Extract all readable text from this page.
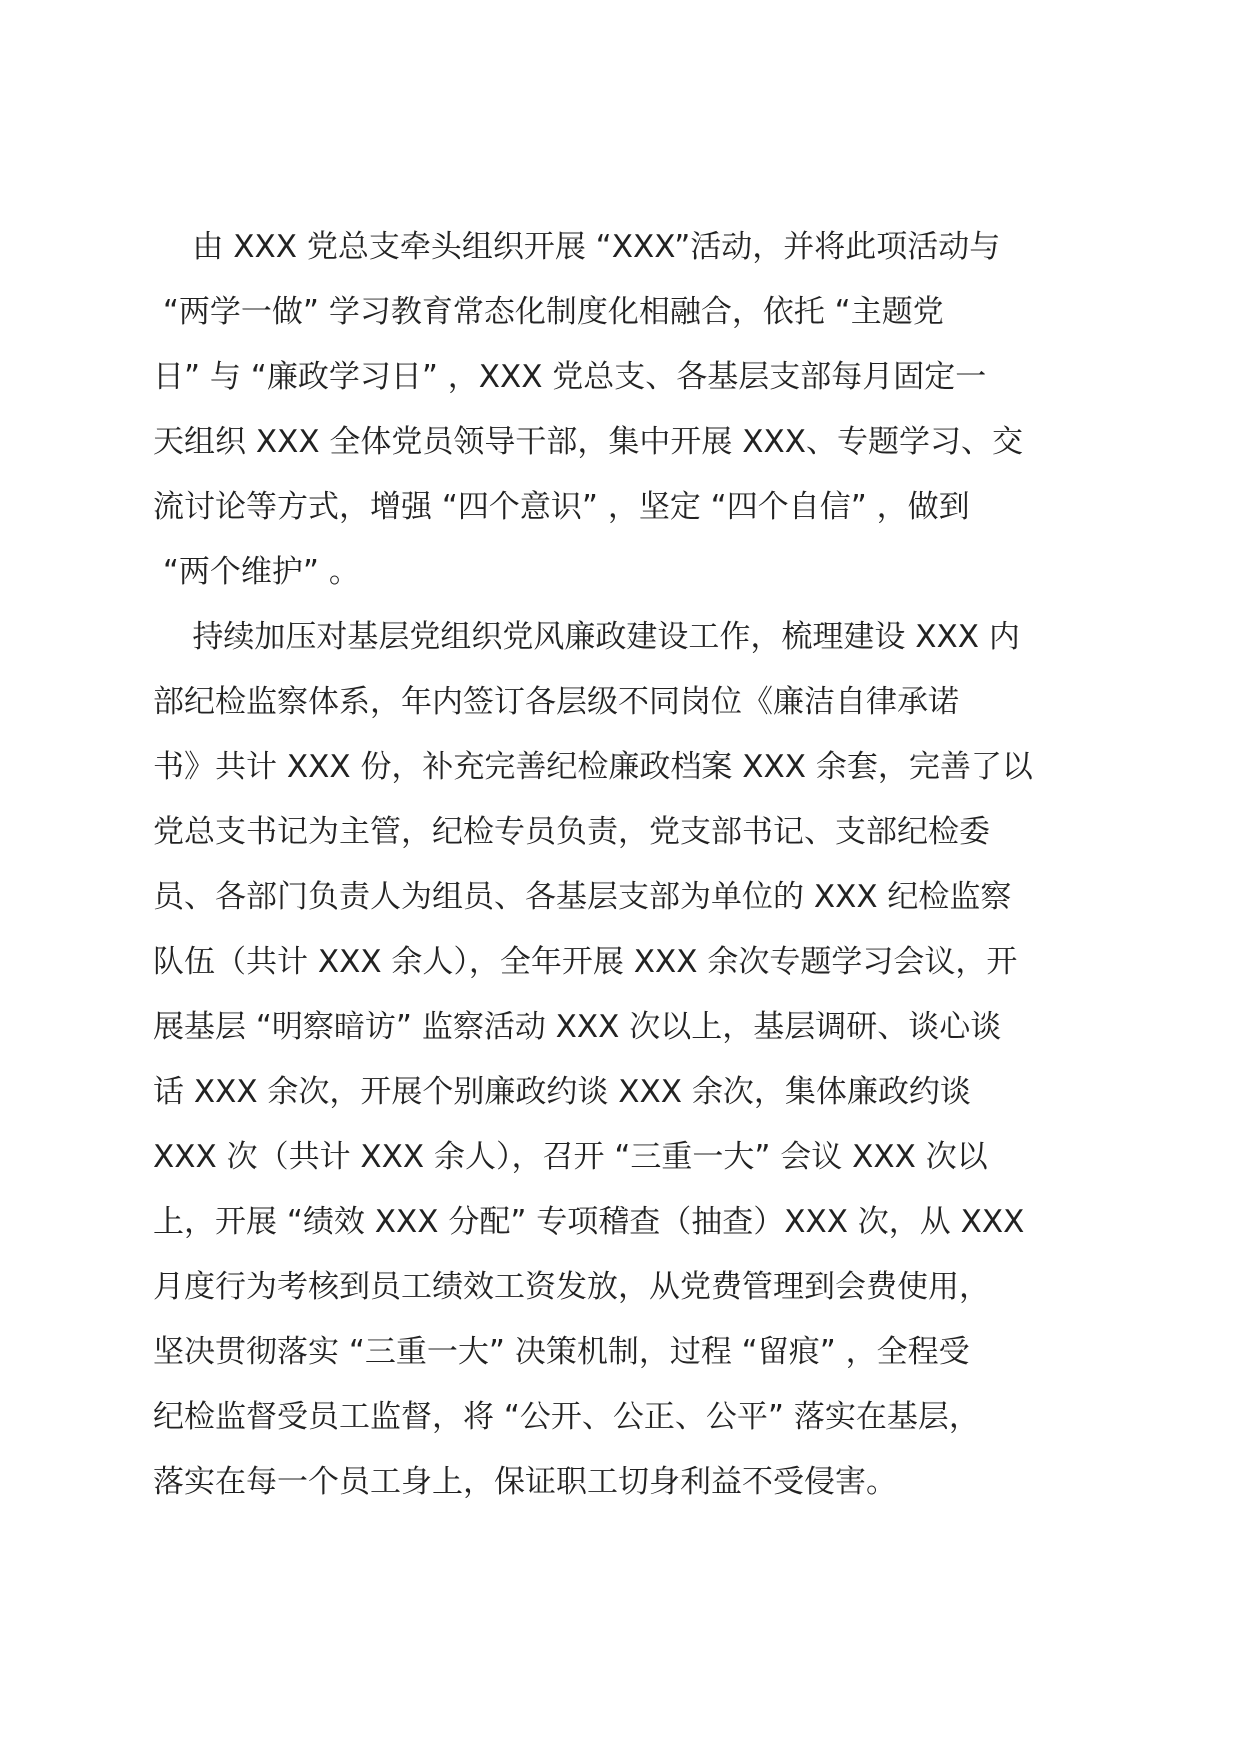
由 XXX 党总支牵头组织开展 “XXX”活动，并将此项活动与
“两学一做” 学习教育常态化制度化相融合，依托 “主题党
日” 与 “廉政学习日” ，XXX 党总支、各基层支部每月固定一
天组织 XXX 全体党员领导干部，集中开展 XXX、专题学习、交
流讨论等方式，增强 “四个意识” ，坚定 “四个自信” ，做到
“两个维护” 。
持续加压对基层党组织党风廉政建设工作，梳理建设 XXX 内
部纪检监察体系，年内签订各层级不同岗位《廉洁自律承诺
书》共计 XXX 份，补充完善纪检廉政档案 XXX 余套，完善了以
党总支书记为主管，纪检专员负责，党支部书记、支部纪检委
员、各部门负责人为组员、各基层支部为单位的 XXX 纪检监察
队伍（共计 XXX 余人），全年开展 XXX 余次专题学习会议，开
展基层 “明察暗访” 监察活动 XXX 次以上，基层调研、谈心谈
话 XXX 余次，开展个别廉政约谈 XXX 余次，集体廉政约谈
XXX 次（共计 XXX 余人），召开 “三重一大” 会议 XXX 次以
上，开展 “绩效 XXX 分配” 专项稽查（抽查）XXX 次，从 XXX
月度行为考核到员工绩效工资发放，从党费管理到会费使用，
坚决贯彻落实 “三重一大” 决策机制，过程 “留痕” ，全程受
纪检监督受员工监督，将 “公开、公正、公平” 落实在基层，
落实在每一个员工身上，保证职工切身利益不受侵害。
